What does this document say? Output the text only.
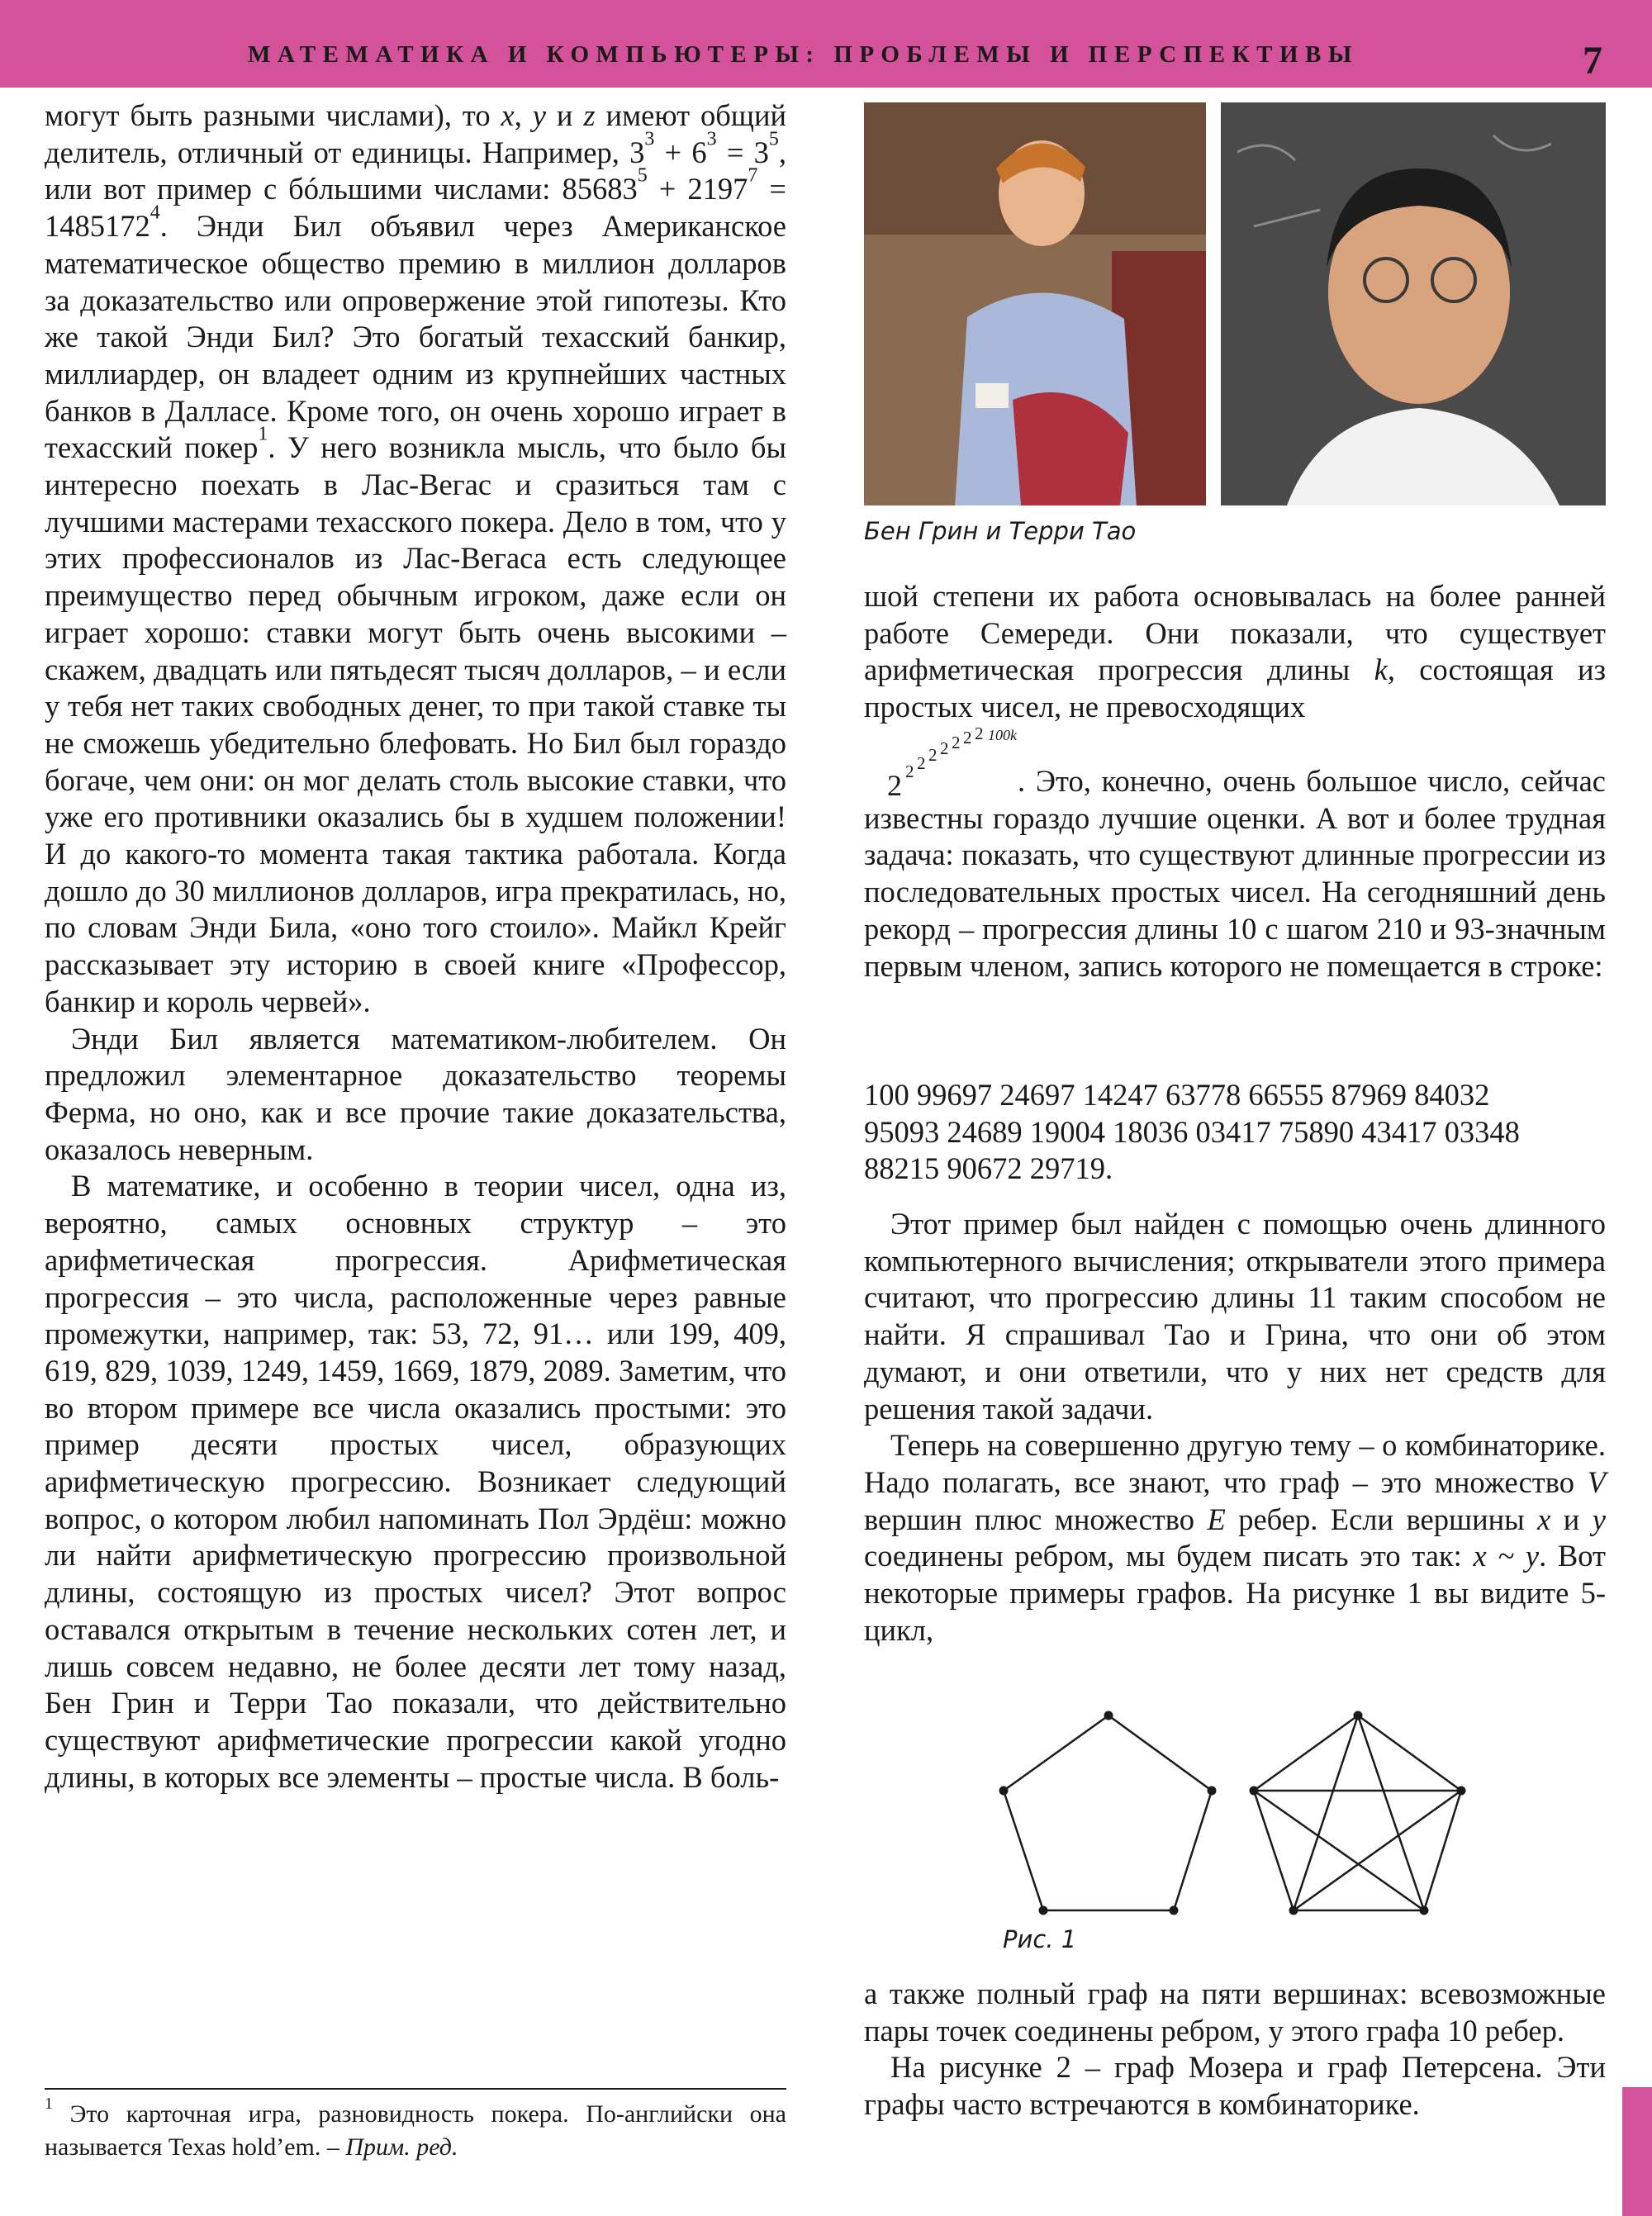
МАТЕМАТИКА И КОМПЬЮТЕРЫ: ПРОБЛЕМЫ И ПЕРСПЕКТИВЫ	7

могут быть разными числами), то x, y и z имеют общий делитель, отличный от единицы. Например, $3^3 + 6^3 = 3^5$, или вот пример с бóльшими числами: $85683^5 + 2197^7 = 1485172^4$. Энди Бил объявил через Американское математическое общество премию в миллион долларов за доказательство или опровержение этой гипотезы. Кто же такой Энди Бил? Это богатый техасский банкир, миллиардер, он владеет одним из крупнейших частных банков в Далласе. Кроме того, он очень хорошо играет в техасский покер$^1$. У него возникла мысль, что было бы интересно поехать в Лас-Вегас и сразиться там с лучшими мастерами техасского покера. Дело в том, что у этих профессионалов из Лас-Вегаса есть следующее преимущество перед обычным игроком, даже если он играет хорошо: ставки могут быть очень высокими – скажем, двадцать или пятьдесят тысяч долларов, – и если у тебя нет таких свободных денег, то при такой ставке ты не сможешь убедительно блефовать. Но Бил был гораздо богаче, чем они: он мог делать столь высокие ставки, что уже его противники оказались бы в худшем положении! И до какого-то момента такая тактика работала. Когда дошло до 30 миллионов долларов, игра прекратилась, но, по словам Энди Била, «оно того стоило». Майкл Крейг рассказывает эту историю в своей книге «Профессор, банкир и король червей».

Энди Бил является математиком-любителем. Он предложил элементарное доказательство теоремы Ферма, но оно, как и все прочие такие доказательства, оказалось неверным.

В математике, и особенно в теории чисел, одна из, вероятно, самых основных структур – это арифметическая прогрессия. Арифметическая прогрессия – это числа, расположенные через равные промежутки, например, так: 53, 72, 91… или 199, 409, 619, 829, 1039, 1249, 1459, 1669, 1879, 2089. Заметим, что во втором примере все числа оказались простыми: это пример десяти простых чисел, образующих арифметическую прогрессию. Возникает следующий вопрос, о котором любил напоминать Пол Эрдёш: можно ли найти арифметическую прогрессию произвольной длины, состоящую из простых чисел? Этот вопрос оставался открытым в течение нескольких сотен лет, и лишь совсем недавно, не более десяти лет тому назад, Бен Грин и Терри Тао показали, что действительно существуют арифметические прогрессии какой угодно длины, в которых все элементы – простые числа. В боль-

$^1$ Это карточная игра, разновидность покера. По-английски она называется Texas hold’em. – Прим. ред.
Бен Грин и Терри Тао

шой степени их работа основывалась на более ранней работе Семереди. Они показали, что существует арифметическая прогрессия длины k, состоящая из простых чисел, не превосходящих

2 2 2 2 2 2 2 2 100k

. Это, конечно, очень большое число, сейчас известны гораздо лучшие оценки. А вот и более трудная задача: показать, что существуют длинные прогрессии из последовательных простых чисел. На сегодняшний день рекорд – прогрессия длины 10 с шагом 210 и 93-значным первым членом, запись которого не помещается в строке:

100 99697 24697 14247 63778 66555 87969 84032
95093 24689 19004 18036 03417 75890 43417 03348
88215 90672 29719.

Этот пример был найден с помощью очень длинного компьютерного вычисления; открыватели этого примера считают, что прогрессию длины 11 таким способом не найти. Я спрашивал Тао и Грина, что они об этом думают, и они ответили, что у них нет средств для решения такой задачи.

Теперь на совершенно другую тему – о комбинаторике. Надо полагать, все знают, что граф – это множество V вершин плюс множество E ребер. Если вершины x и y соединены ребром, мы будем писать это так: x ~ y. Вот некоторые примеры графов. На рисунке 1 вы видите 5-цикл,

Рис. 1

а также полный граф на пяти вершинах: всевозможные пары точек соединены ребром, у этого графа 10 ребер.

На рисунке 2 – граф Мозера и граф Петерсена. Эти графы часто встречаются в комбинаторике.
